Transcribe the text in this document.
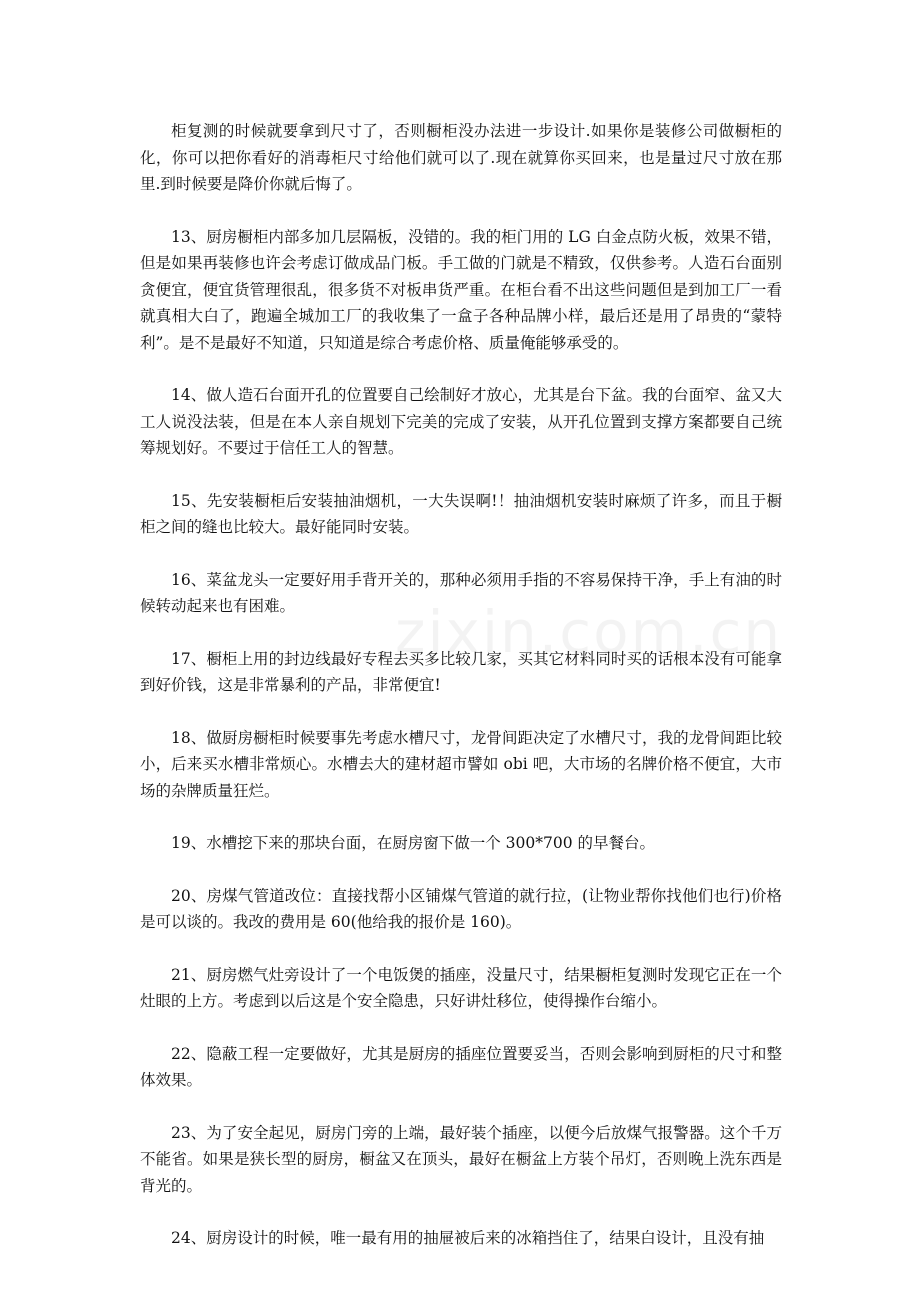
柜复测的时候就要拿到尺寸了，否则橱柜没办法进一步设计.如果你是装修公司做橱柜的化，你可以把你看好的消毒柜尺寸给他们就可以了.现在就算你买回来，也是量过尺寸放在那里.到时候要是降价你就后悔了。

13、厨房橱柜内部多加几层隔板，没错的。我的柜门用的 LG 白金点防火板，效果不错，但是如果再装修也许会考虑订做成品门板。手工做的门就是不精致，仅供参考。人造石台面别贪便宜，便宜货管理很乱，很多货不对板串货严重。在柜台看不出这些问题但是到加工厂一看就真相大白了，跑遍全城加工厂的我收集了一盒子各种品牌小样，最后还是用了昂贵的“蒙特利”。是不是最好不知道，只知道是综合考虑价格、质量俺能够承受的。

14、做人造石台面开孔的位置要自己绘制好才放心，尤其是台下盆。我的台面窄、盆又大工人说没法装，但是在本人亲自规划下完美的完成了安装，从开孔位置到支撑方案都要自己统筹规划好。不要过于信任工人的智慧。

15、先安装橱柜后安装抽油烟机，一大失误啊!！抽油烟机安装时麻烦了许多，而且于橱柜之间的缝也比较大。最好能同时安装。

16、菜盆龙头一定要好用手背开关的，那种必须用手指的不容易保持干净，手上有油的时候转动起来也有困难。

17、橱柜上用的封边线最好专程去买多比较几家，买其它材料同时买的话根本没有可能拿到好价钱，这是非常暴利的产品，非常便宜!

18、做厨房橱柜时候要事先考虑水槽尺寸，龙骨间距决定了水槽尺寸，我的龙骨间距比较小，后来买水槽非常烦心。水槽去大的建材超市譬如 obi 吧，大市场的名牌价格不便宜，大市场的杂牌质量狂烂。

19、水槽挖下来的那块台面，在厨房窗下做一个 300*700 的早餐台。

20、房煤气管道改位：直接找帮小区铺煤气管道的就行拉，(让物业帮你找他们也行)价格是可以谈的。我改的费用是 60(他给我的报价是 160)。

21、厨房燃气灶旁设计了一个电饭煲的插座，没量尺寸，结果橱柜复测时发现它正在一个灶眼的上方。考虑到以后这是个安全隐患，只好讲灶移位，使得操作台缩小。

22、隐蔽工程一定要做好，尤其是厨房的插座位置要妥当，否则会影响到厨柜的尺寸和整体效果。

23、为了安全起见，厨房门旁的上端，最好装个插座，以便今后放煤气报警器。这个千万不能省。如果是狭长型的厨房，橱盆又在顶头，最好在橱盆上方装个吊灯，否则晚上洗东西是背光的。

24、厨房设计的时候，唯一最有用的抽屉被后来的冰箱挡住了，结果白设计，且没有抽
